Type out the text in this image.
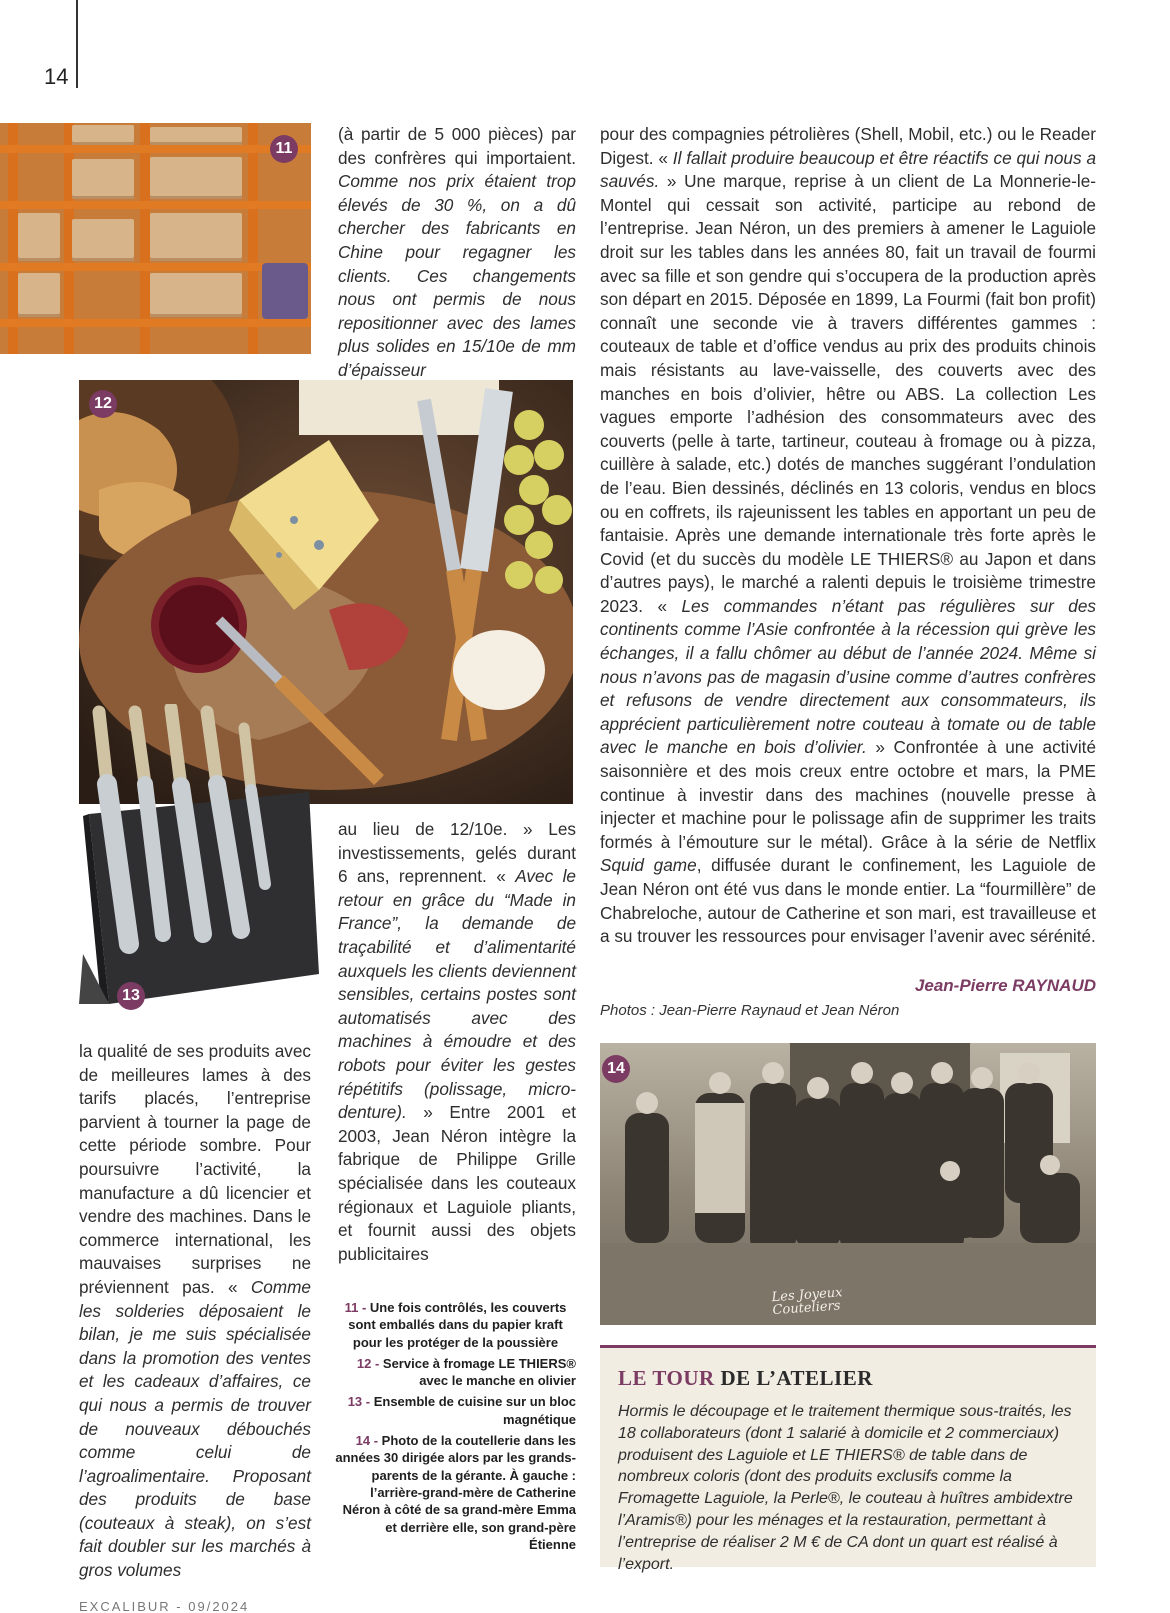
14
11
12
13
Les Joyeux Couteliers
14

(à partir de 5 000 pièces) par des confrères qui importaient. Comme nos prix étaient trop élevés de 30 %, on a dû chercher des fabricants en Chine pour regagner les clients. Ces changements nous ont permis de nous repositionner avec des lames plus solides en 15/10e de mm d’épaisseur

au lieu de 12/10e. » Les investissements, gelés durant 6 ans, reprennent. « Avec le retour en grâce du “Made in France”, la demande de traçabilité et d’alimentarité auxquels les clients deviennent sensibles, certains postes sont automatisés avec des machines à émoudre et des robots pour éviter les gestes répétitifs (polissage, micro-denture). » Entre 2001 et 2003, Jean Néron intègre la fabrique de Philippe Grille spécialisée dans les couteaux régionaux et Laguiole pliants, et fournit aussi des objets publicitaires

la qualité de ses produits avec de meilleures lames à des tarifs placés, l’entreprise parvient à tourner la page de cette période sombre. Pour poursuivre l’activité, la manufacture a dû licencier et vendre des machines. Dans le commerce international, les mauvaises surprises ne préviennent pas. « Comme les solderies déposaient le bilan, je me suis spécialisée dans la promotion des ventes et les cadeaux d’affaires, ce qui nous a permis de trouver de nouveaux débouchés comme celui de l’agroalimentaire. Proposant des produits de base (couteaux à steak), on s’est fait doubler sur les marchés à gros volumes

pour des compagnies pétrolières (Shell, Mobil, etc.) ou le Reader Digest. « Il fallait produire beaucoup et être réactifs ce qui nous a sauvés. » Une marque, reprise à un client de La Monnerie-le-Montel qui cessait son activité, participe au rebond de l’entreprise. Jean Néron, un des premiers à amener le Laguiole droit sur les tables dans les années 80, fait un travail de fourmi avec sa fille et son gendre qui s’occupera de la production après son départ en 2015. Déposée en 1899, La Fourmi (fait bon profit) connaît une seconde vie à travers différentes gammes : couteaux de table et d’office vendus au prix des produits chinois mais résistants au lave-vaisselle, des couverts avec des manches en bois d’olivier, hêtre ou ABS. La collection Les vagues emporte l’adhésion des consommateurs avec des couverts (pelle à tarte, tartineur, couteau à fromage ou à pizza, cuillère à salade, etc.) dotés de manches suggérant l’ondulation de l’eau. Bien dessinés, déclinés en 13 coloris, vendus en blocs ou en coffrets, ils rajeunissent les tables en apportant un peu de fantaisie. Après une demande internationale très forte après le Covid (et du succès du modèle LE THIERS® au Japon et dans d’autres pays), le marché a ralenti depuis le troisième trimestre 2023. « Les commandes n’étant pas régulières sur des continents comme l’Asie confrontée à la récession qui grève les échanges, il a fallu chômer au début de l’année 2024. Même si nous n’avons pas de magasin d’usine comme d’autres confrères et refusons de vendre directement aux consommateurs, ils apprécient particulièrement notre couteau à tomate ou de table avec le manche en bois d’olivier. » Confrontée à une activité saisonnière et des mois creux entre octobre et mars, la PME continue à investir dans des machines (nouvelle presse à injecter et machine pour le polissage afin de supprimer les traits formés à l’émouture sur le métal). Grâce à la série de Netflix Squid game, diffusée durant le confinement, les Laguiole de Jean Néron ont été vus dans le monde entier. La “fourmillère” de Chabreloche, autour de Catherine et son mari, est travailleuse et a su trouver les ressources pour envisager l’avenir avec sérénité.

Jean-Pierre RAYNAUD
Photos : Jean-Pierre Raynaud et Jean Néron
11 - Une fois contrôlés, les couverts sont emballés dans du papier kraft pour les protéger de la poussière
12 - Service à fromage LE THIERS® avec le manche en olivier
13 - Ensemble de cuisine sur un bloc magnétique
14 - Photo de la coutellerie dans les années 30 dirigée alors par les grands-parents de la gérante. À gauche : l’arrière-grand-mère de Catherine Néron à côté de sa grand-mère Emma et derrière elle, son grand-père Étienne
LE TOUR DE L’ATELIER
Hormis le découpage et le traitement thermique sous-traités, les 18 collaborateurs (dont 1 salarié à domicile et 2 commerciaux) produisent des Laguiole et LE THIERS® de table dans de nombreux coloris (dont des produits exclusifs comme la Fromagette Laguiole, la Perle®, le couteau à huîtres ambidextre l’Aramis®) pour les ménages et la restauration, permettant à l’entreprise de réaliser 2 M € de CA dont un quart est réalisé à l’export.
EXCALIBUR - 09/2024
